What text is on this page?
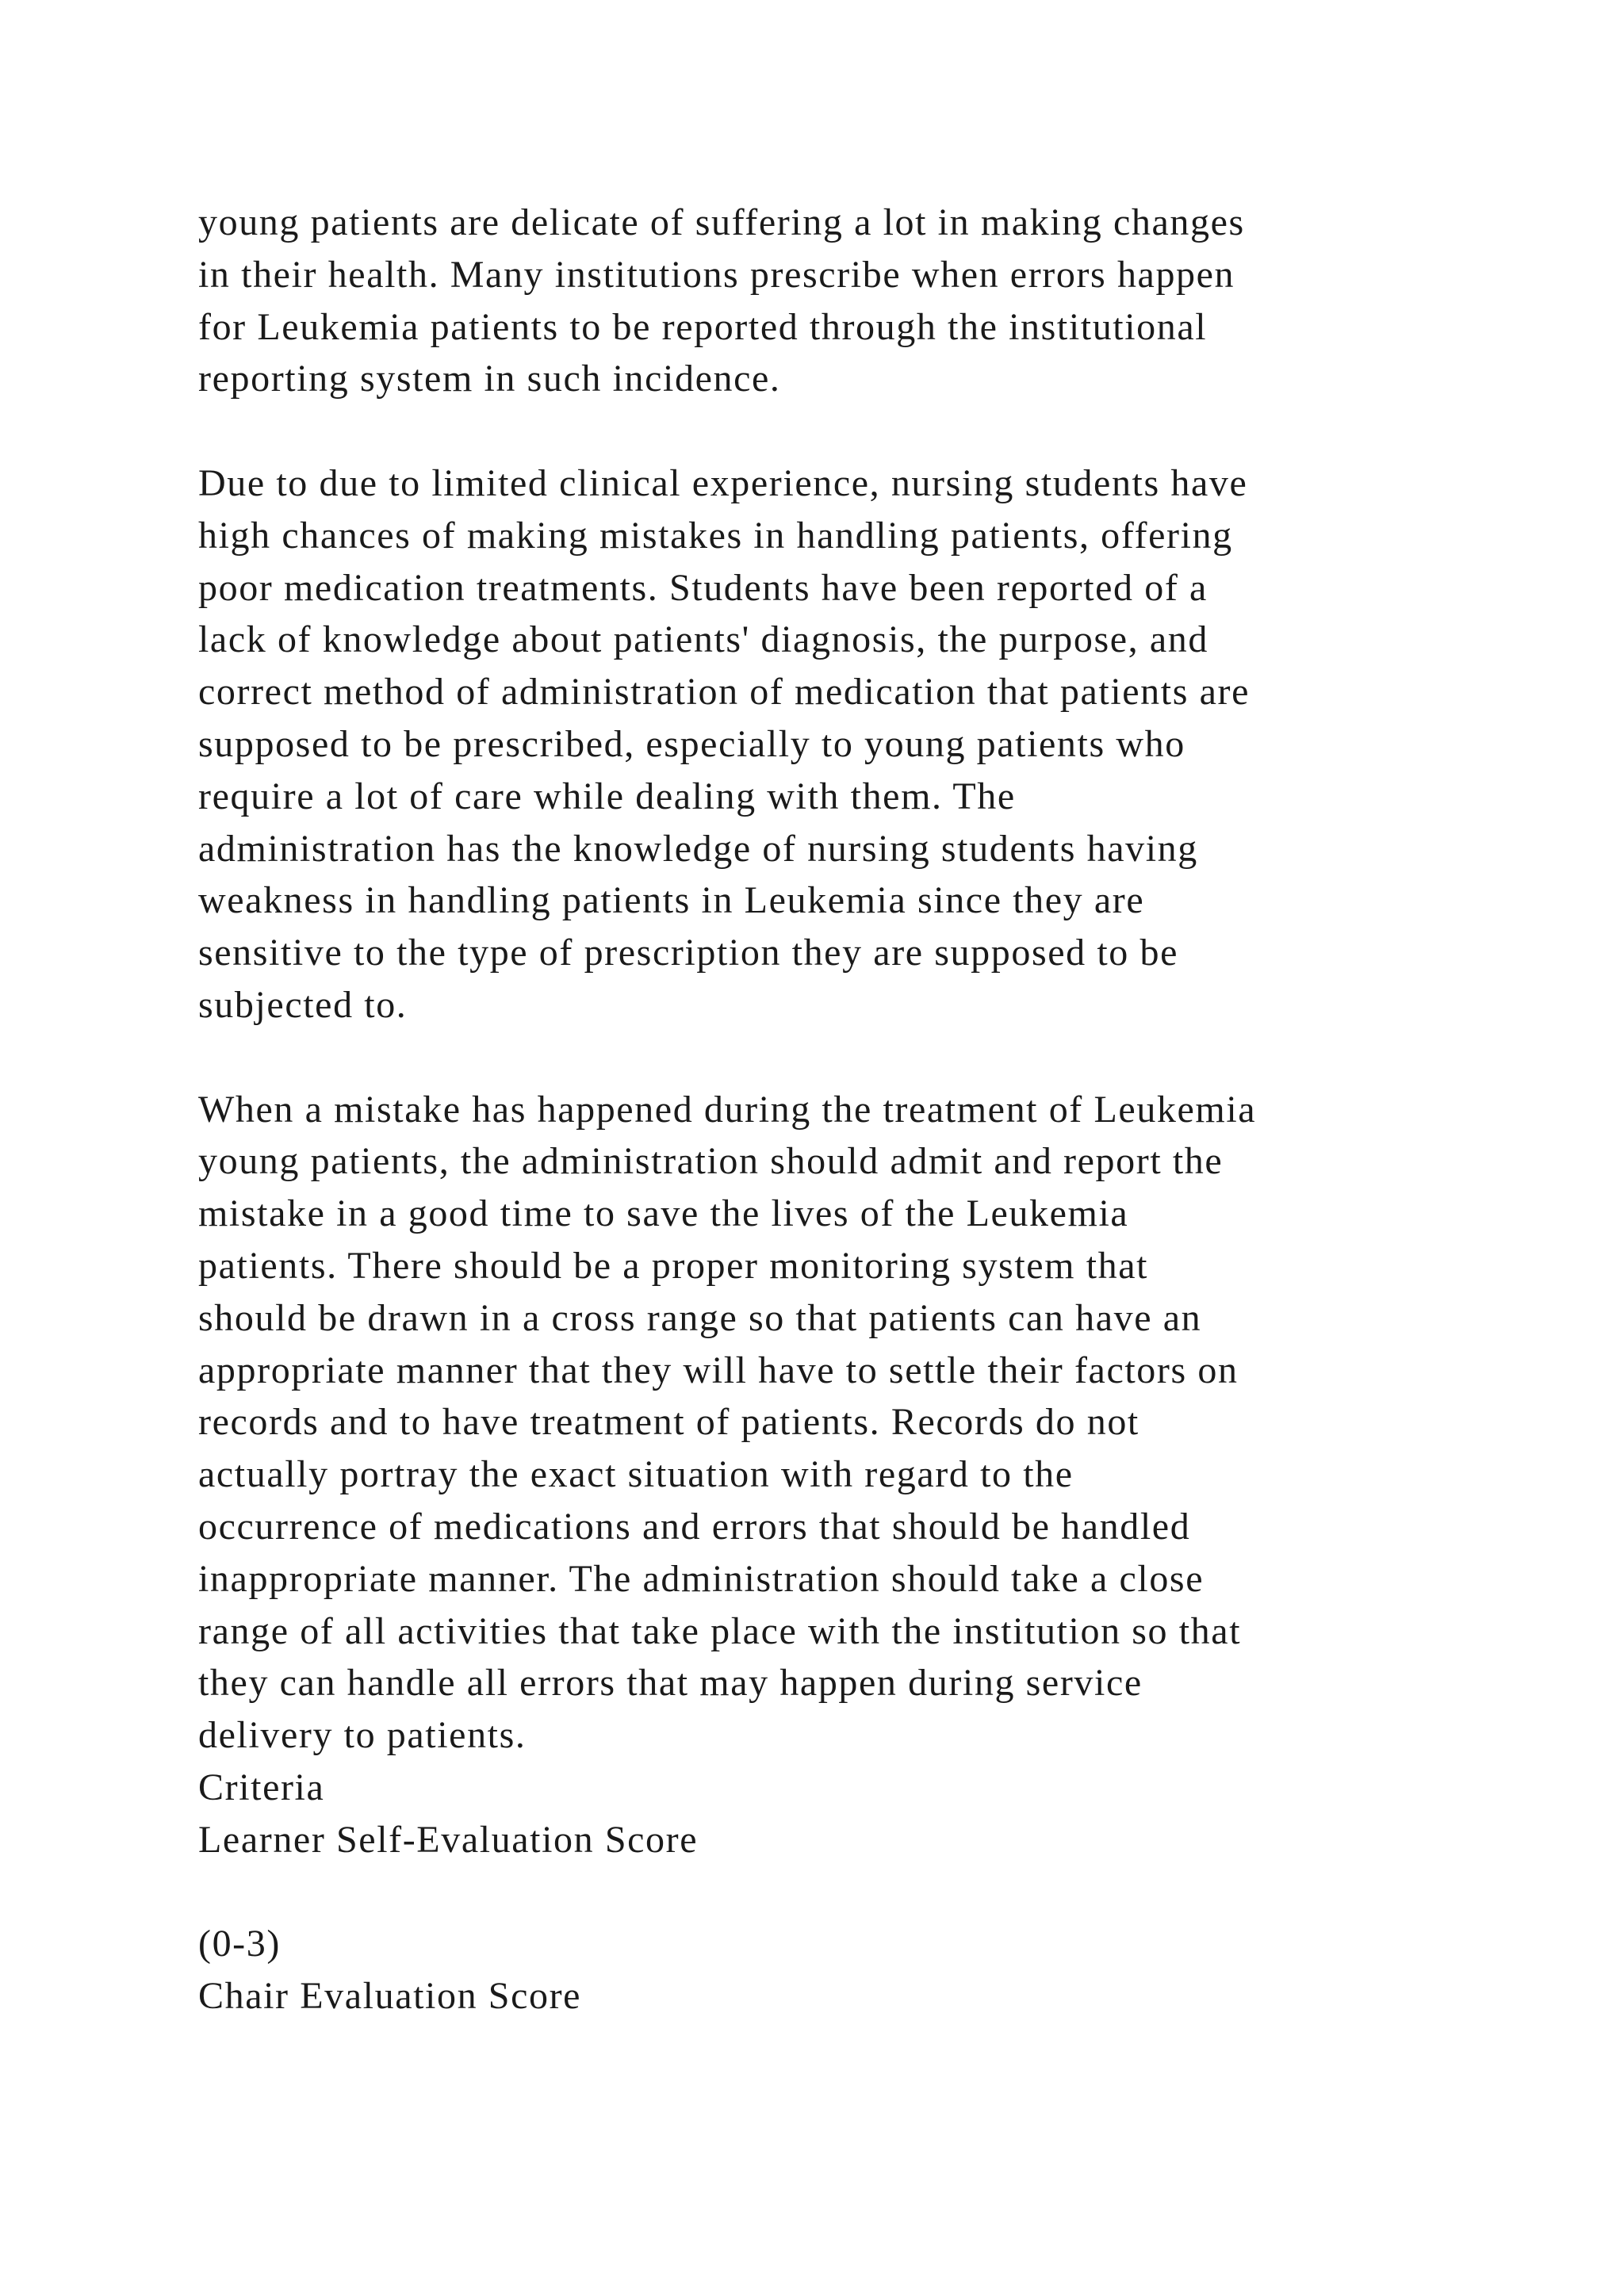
young patients are delicate of suffering a lot in making changes
in their health. Many institutions prescribe when errors happen
for Leukemia patients to be reported through the institutional
reporting system in such incidence.
Due to due to limited clinical experience, nursing students have
high chances of making mistakes in handling patients, offering
poor medication treatments. Students have been reported of a
lack of knowledge about patients' diagnosis, the purpose, and
correct method of administration of medication that patients are
supposed to be prescribed, especially to young patients who
require a lot of care while dealing with them. The
administration has the knowledge of nursing students having
weakness in handling patients in Leukemia since they are
sensitive to the type of prescription they are supposed to be
subjected to.
When a mistake has happened during the treatment of Leukemia
young patients, the administration should admit and report the
mistake in a good time to save the lives of the Leukemia
patients. There should be a proper monitoring system that
should be drawn in a cross range so that patients can have an
appropriate manner that they will have to settle their factors on
records and to have treatment of patients. Records do not
actually portray the exact situation with regard to the
occurrence of medications and errors that should be handled
inappropriate manner. The administration should take a close
range of all activities that take place with the institution so that
they can handle all errors that may happen during service
delivery to patients.
Criteria
Learner Self-Evaluation Score
(0-3)
Chair Evaluation Score
